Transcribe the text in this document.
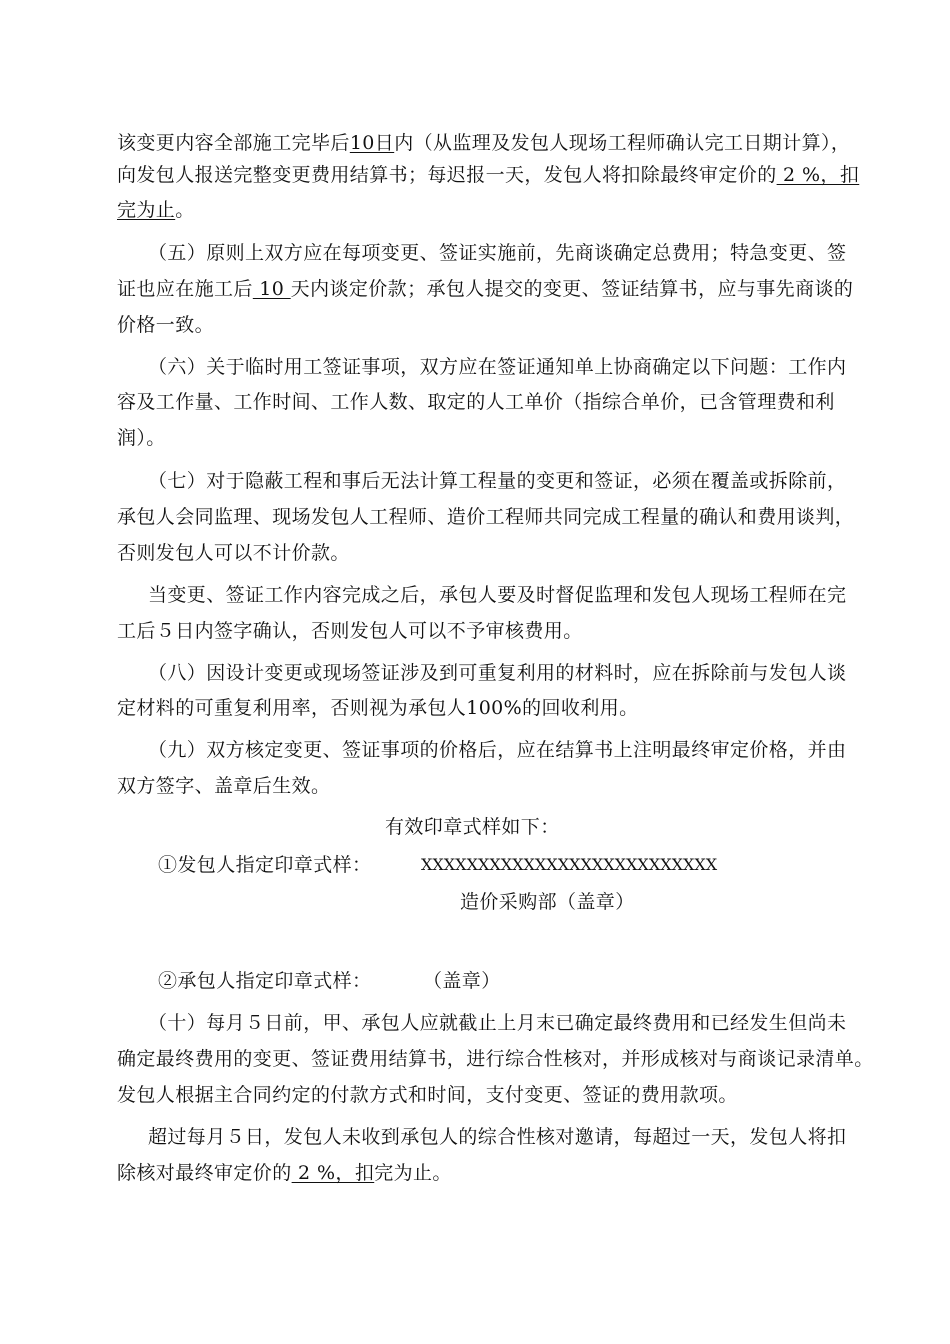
该变更内容全部施工完毕后10日内（从监理及发包人现场工程师确认完工日期计算），
向发包人报送完整变更费用结算书；每迟报一天，发包人将扣除最终审定价的 2 %，扣
完为止。
（五）原则上双方应在每项变更、签证实施前，先商谈确定总费用；特急变更、签
证也应在施工后 10 天内谈定价款；承包人提交的变更、签证结算书，应与事先商谈的
价格一致。
（六）关于临时用工签证事项，双方应在签证通知单上协商确定以下问题：工作内
容及工作量、工作时间、工作人数、取定的人工单价（指综合单价，已含管理费和利
润）。
（七）对于隐蔽工程和事后无法计算工程量的变更和签证，必须在覆盖或拆除前，
承包人会同监理、现场发包人工程师、造价工程师共同完成工程量的确认和费用谈判，
否则发包人可以不计价款。
当变更、签证工作内容完成之后，承包人要及时督促监理和发包人现场工程师在完
工后５日内签字确认，否则发包人可以不予审核费用。
（八）因设计变更或现场签证涉及到可重复利用的材料时，应在拆除前与发包人谈
定材料的可重复利用率，否则视为承包人100%的回收利用。
（九）双方核定变更、签证事项的价格后，应在结算书上注明最终审定价格，并由
双方签字、盖章后生效。
有效印章式样如下：
①发包人指定印章式样：	XXXXXXXXXXXXXXXXXXXXXXXXXX
造价采购部（盖章）
②承包人指定印章式样：	（盖章）
（十）每月５日前，甲、承包人应就截止上月末已确定最终费用和已经发生但尚未
确定最终费用的变更、签证费用结算书，进行综合性核对，并形成核对与商谈记录清单。
发包人根据主合同约定的付款方式和时间，支付变更、签证的费用款项。
超过每月５日，发包人未收到承包人的综合性核对邀请，每超过一天，发包人将扣
除核对最终审定价的 2 %，扣完为止。
